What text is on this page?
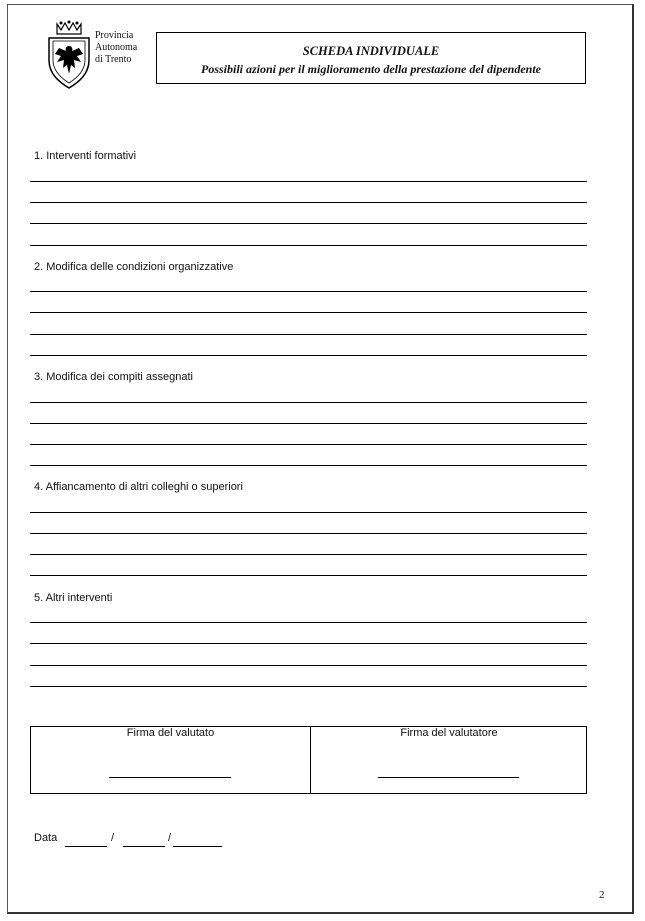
Provincia
Autonoma
di Trento
SCHEDA INDIVIDUALE
Possibili azioni per il miglioramento della prestazione del dipendente
1. Interventi formativi
2. Modifica delle condizioni organizzative
3. Modifica dei compiti assegnati
4. Affiancamento di altri colleghi o superiori
5. Altri interventi
Firma del valutato	Firma del valutatore
Data	/	/
2
